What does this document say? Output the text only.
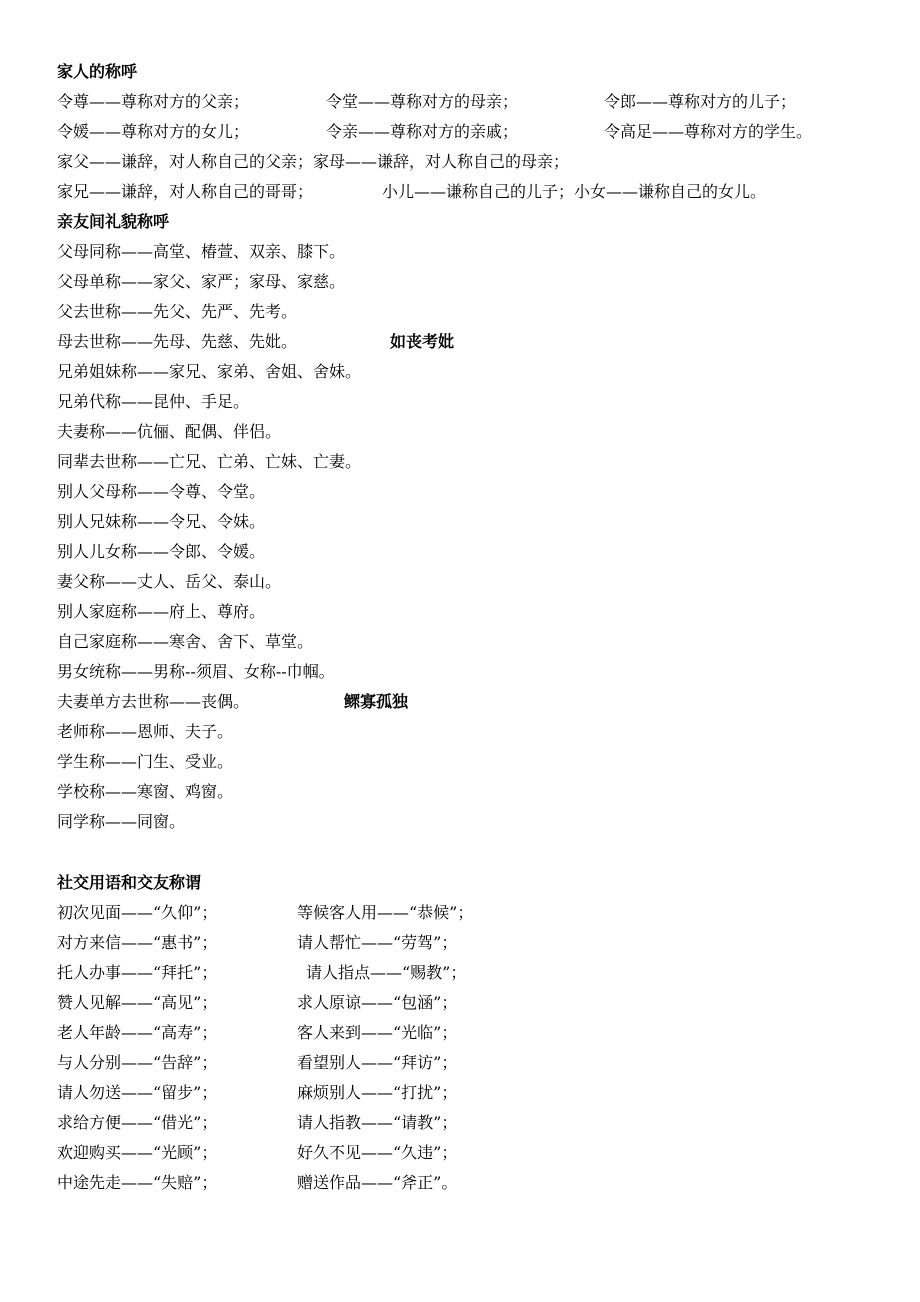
家人的称呼
令尊——尊称对方的父亲；	令堂——尊称对方的母亲；	令郎——尊称对方的儿子；
令媛——尊称对方的女儿；	令亲——尊称对方的亲戚；	令高足——尊称对方的学生。
家父——谦辞，对人称自己的父亲；家母——谦辞，对人称自己的母亲；
家兄——谦辞，对人称自己的哥哥；	小儿——谦称自己的儿子；小女——谦称自己的女儿。
亲友间礼貌称呼
父母同称——高堂、椿萱、双亲、膝下。
父母单称——家父、家严；家母、家慈。
父去世称——先父、先严、先考。
母去世称——先母、先慈、先妣。	如丧考妣
兄弟姐妹称——家兄、家弟、舍姐、舍妹。
兄弟代称——昆仲、手足。
夫妻称——伉俪、配偶、伴侣。
同辈去世称——亡兄、亡弟、亡妹、亡妻。
别人父母称——令尊、令堂。
别人兄妹称——令兄、令妹。
别人儿女称——令郎、令媛。
妻父称——丈人、岳父、泰山。
别人家庭称——府上、尊府。
自己家庭称——寒舍、舍下、草堂。
男女统称——男称--须眉、女称--巾帼。
夫妻单方去世称——丧偶。	鳏寡孤独
老师称——恩师、夫子。
学生称——门生、受业。
学校称——寒窗、鸡窗。
同学称——同窗。
社交用语和交友称谓
初次见面——“久仰”；	等候客人用——“恭候”；
对方来信——“惠书”；	请人帮忙——“劳驾”；
托人办事——“拜托”；	请人指点——“赐教”；
赞人见解——“高见”；	求人原谅——“包涵”；
老人年龄——“高寿”；	客人来到——“光临”；
与人分别——“告辞”；	看望别人——“拜访”；
请人勿送——“留步”；	麻烦别人——“打扰”；
求给方便——“借光”；	请人指教——“请教”；
欢迎购买——“光顾”；	好久不见——“久违”；
中途先走——“失赔”；	赠送作品——“斧正”。
